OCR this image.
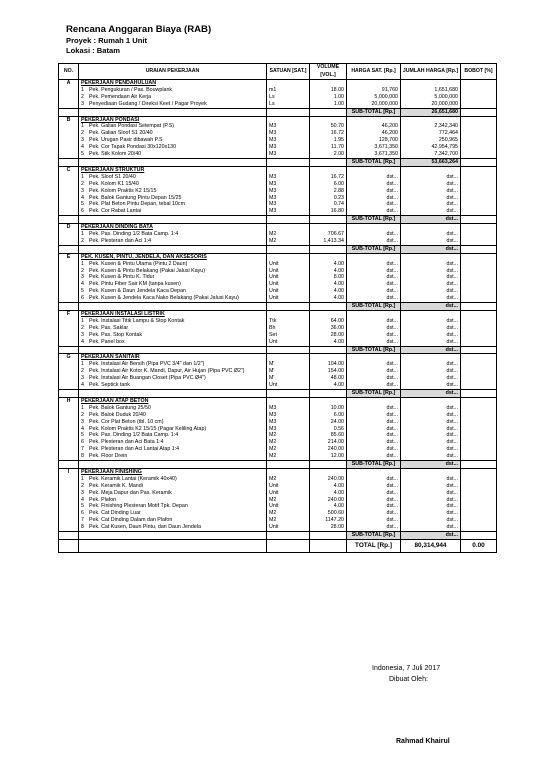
Rencana Anggaran Biaya (RAB)
Proyek : Rumah 1 Unit
Lokasi : Batam
NO.	URAIAN PEKERJAAN	SATUAN [SAT.]	VOLUME [VOL.]	HARGA SAT. [Rp.]	JUMLAH HARGA [Rp.]	BOBOT [%]
A	PEKERJAAN PENDAHULUAN					
	1 Pek. Pengukuran / Pas. Bouwplank	m1	18.00	91,760	1,651,680	
	2 Pek. Pemendaan Air Kerja	Ls	1.00	5,000,000	5,000,000	
	3 Penyediaan Gudang / Direksi Keet / Pagar Proyek	Ls	1.00	20,000,000	20,000,000	
				SUB-TOTAL [Rp.]	26,651,680	
B	PEKERJAAN PONDASI					
	1 Pek. Galian Pondasi Setempat (P.S)	M3	50.70	46,200	2,342,340	
	2 Pek. Galian Sloof S1 20/40	M3	16.72	46,200	772,464	
	3 Pek. Urugan Pasir dibawah P.S	M3	1.95	128,700	250,965	
	4 Pek. Cor Tapak Pondasi 30x120x130	M3	11.70	3,671,350	42,954,795	
	5 Pek. Stik Kolom 20/40	M3	2.00	3,671,350	7,342,700	
				SUB-TOTAL [Rp.]	53,663,264	
C	PEKERJAAN STRUKTUR					
	1 Pek. Sloof S1 20/40	M3	16.72	dst...	dst...	
	2 Pek. Kolom K1 15/40	M3	6.00	dst...	dst...	
	3 Pek. Kolom Praktis K2 15/15	M3	2.88	dst...	dst...	
	4 Pek. Balok Gantung Pintu Depan 15/25	M3	0.23	dst...	dst...	
	5 Pek. Plat Beton Pintu Depan, tebal 10cm	M3	0.74	dst...	dst...	
	6 Pek. Cor Rabat Lantai	M3	16.80	dst...	dst...	
				SUB-TOTAL [Rp.]	dst...	
D	PEKERJAAN DINDING BATA					
	1 Pek. Pas. Dinding 1/2 Bata Camp. 1:4	M2	706.67	dst...	dst...	
	2 Pek. Plesteran dan Aci 1:4	M2	1,413.34	dst...	dst...	
				SUB-TOTAL [Rp.]	dst...	
E	PEK. KUSEN, PINTU, JENDELA, DAN AKSESORIS					
	1 Pek. Kusen & Pintu Utama (Pintu 2 Daun)	Unit	4.00	dst...	dst...	
	2 Pek. Kusen & Pintu Belakang (Pakai Jalusi Kayu)	Unit	4.00	dst...	dst...	
	3 Pek. Kusen & Pintu K. Tidur	Unit	8.00	dst...	dst...	
	4 Pek. Pintu Fiber Sair KM (tanpa kusen)	Unit	4.00	dst...	dst...	
	5 Pek. Kusen & Daun Jendela Kaca Depan	Unit	4.00	dst...	dst...	
	6 Pek. Kusen & Jendela Kaca Nako Belakang (Pakai Jalusi Kayu)	Unit	4.00	dst...	dst...	
				SUB-TOTAL [Rp.]	dst...	
F	PEKERJAAN INSTALASI LISTRIK					
	1 Pek. Instalasi Titik Lampu & Stop Kontak	Ttk	64.00	dst...	dst...	
	2 Pek. Pas. Saklar	Bh	36.00	dst...	dst...	
	3 Pek. Pas. Stop Kontak	Set	28.00	dst...	dst...	
	4 Pek. Panel box	Unt	4.00	dst...	dst...	
				SUB-TOTAL [Rp.]	dst...	
G	PEKERJAAN SANITAIR					
	1 Pek. Instalasi Air Bersih (Pipa PVC 3/4" dan 1/2")	M'	104.00	dst...	dst...	
	2 Pek. Instalasi Air Kotor K. Mandi, Dapur, Air Hujan (Pipa PVC Ø2")	M'	154.00	dst...	dst...	
	3 Pek. Instalasi Air Buangan Closet (Pipa PVC Ø4")	M'	48.00	dst...	dst...	
	4 Pek. Septick tank	Unt	4.00	dst...	dst...	
				SUB-TOTAL [Rp.]	dst...	
H	PEKERJAAN ATAP BETON					
	1 Pek. Balok Gantung 25/50	M3	10.00	dst...	dst...	
	2 Pek. Balok Duduk 20/40	M3	6.00	dst...	dst...	
	3 Pek. Cor Plat Beton (tbl. 10 cm)	M3	24.00	dst...	dst...	
	4 Pek. Kolom Praktis K2 15/15 (Pagar Keliling Atap)	M3	0.56	dst...	dst...	
	5 Pek. Pas. Dinding 1/2 Bata Camp. 1:4	M2	85.60	dst...	dst...	
	6 Pek. Plesteran dan Aci Bata 1:4	M2	214.00	dst...	dst...	
	7 Pek. Plesteran dan Aci Lantai Atap 1:4	M2	240.00	dst...	dst...	
	8 Pek. Floor Drein	M2	12.00	dst...	dst...	
				SUB-TOTAL [Rp.]	dst...	
I	PEKERJAAN FINISHING					
	1 Pek. Keramik Lantai (Keramik 40x40)	M2	240.00	dst...	dst...	
	2 Pek. Keramik K. Mandi	Unit	4.00	dst...	dst...	
	3 Pek. Meja Dapur dan Pas. Keramik	Unit	4.00	dst...	dst...	
	4 Pek. Plafon	M2	240.00	dst...	dst...	
	5 Pek. Finishing Plesteran Motif Tpk. Depan	Unit	4.00	dst...	dst...	
	6 Pek. Cat Dinding Luar	M2	500.60	dst...	dst...	
	7 Pek. Cat Dinding Dalam dan Plafon	M2	1147.20	dst...	dst...	
	8 Pek. Cat Kusen, Daun Pintu, dan Daun Jendela	Unit	28.00	dst...	dst...	
				SUB-TOTAL [Rp.]	dst...	
				TOTAL [Rp.]	80,314,944	0.00
Indonesia, 7 Juli 2017
Dibuat Oleh:
Rahmad Khairul
